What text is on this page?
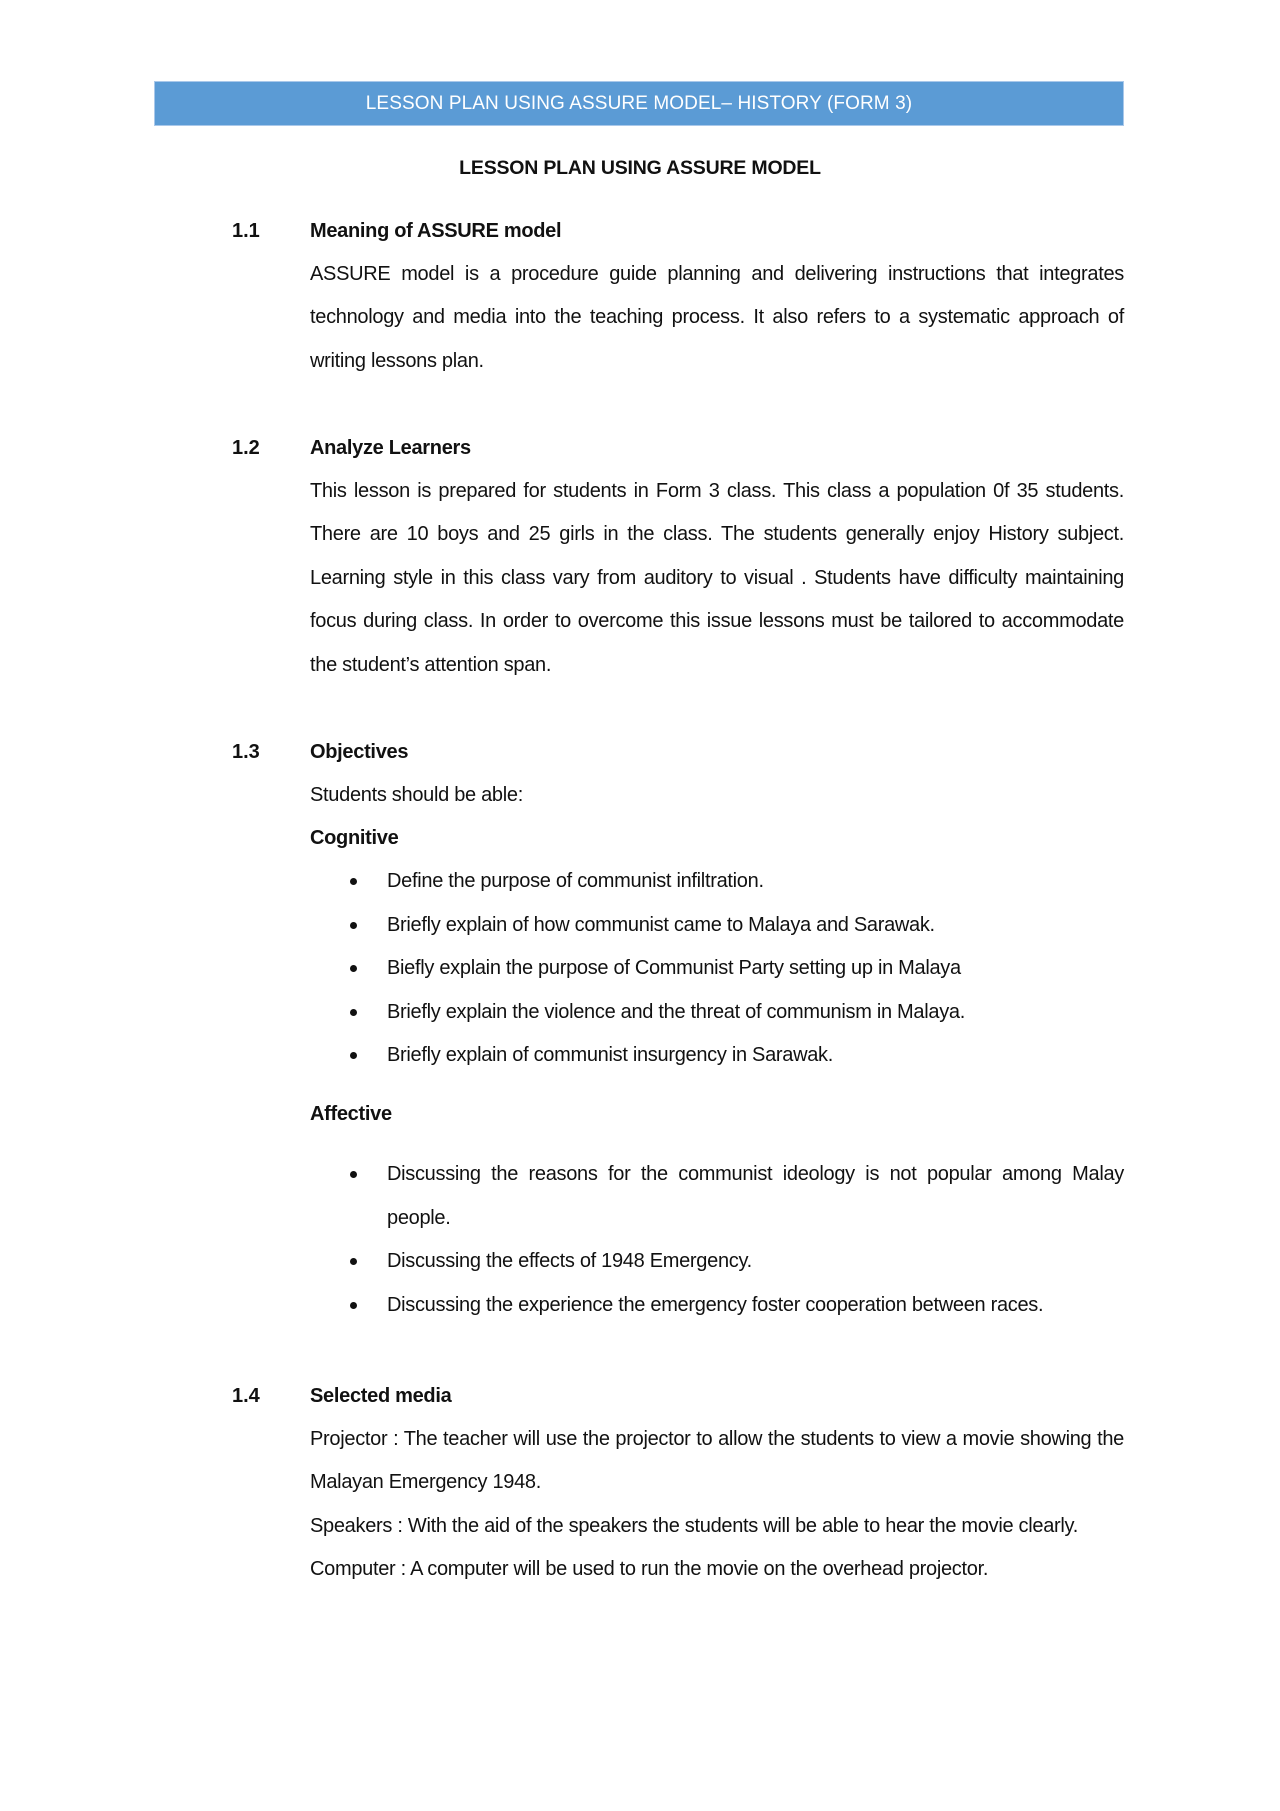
LESSON PLAN USING ASSURE MODEL– HISTORY (FORM 3)
LESSON PLAN USING ASSURE MODEL
1.1	Meaning of ASSURE model

ASSURE model is a procedure guide planning and delivering instructions that integrates technology and media into the teaching process. It also refers to a systematic approach of writing lessons plan.

1.2	Analyze Learners

This lesson is prepared for students in Form 3 class. This class a population 0f 35 students. There are 10 boys and 25 girls in the class. The students generally enjoy History subject. Learning style in this class vary from auditory to visual . Students have difficulty maintaining focus during class. In order to overcome this issue lessons must be tailored to accommodate the student’s attention span.

1.3	Objectives

Students should be able:

Cognitive
Define the purpose of communist infiltration.
Briefly explain of how communist came to Malaya and Sarawak.
Biefly explain the purpose of Communist Party setting up in Malaya
Briefly explain the violence and the threat of communism in Malaya.
Briefly explain of communist insurgency in Sarawak.
Affective
Discussing the reasons for the communist ideology is not popular among Malay people.
Discussing the effects of 1948 Emergency.
Discussing the experience the emergency foster cooperation between races.
1.4	Selected media

Projector : The teacher will use the projector to allow the students to view a movie showing the Malayan Emergency 1948.

Speakers : With the aid of the speakers the students will be able to hear the movie clearly.

Computer : A computer will be used to run the movie on the overhead projector.
